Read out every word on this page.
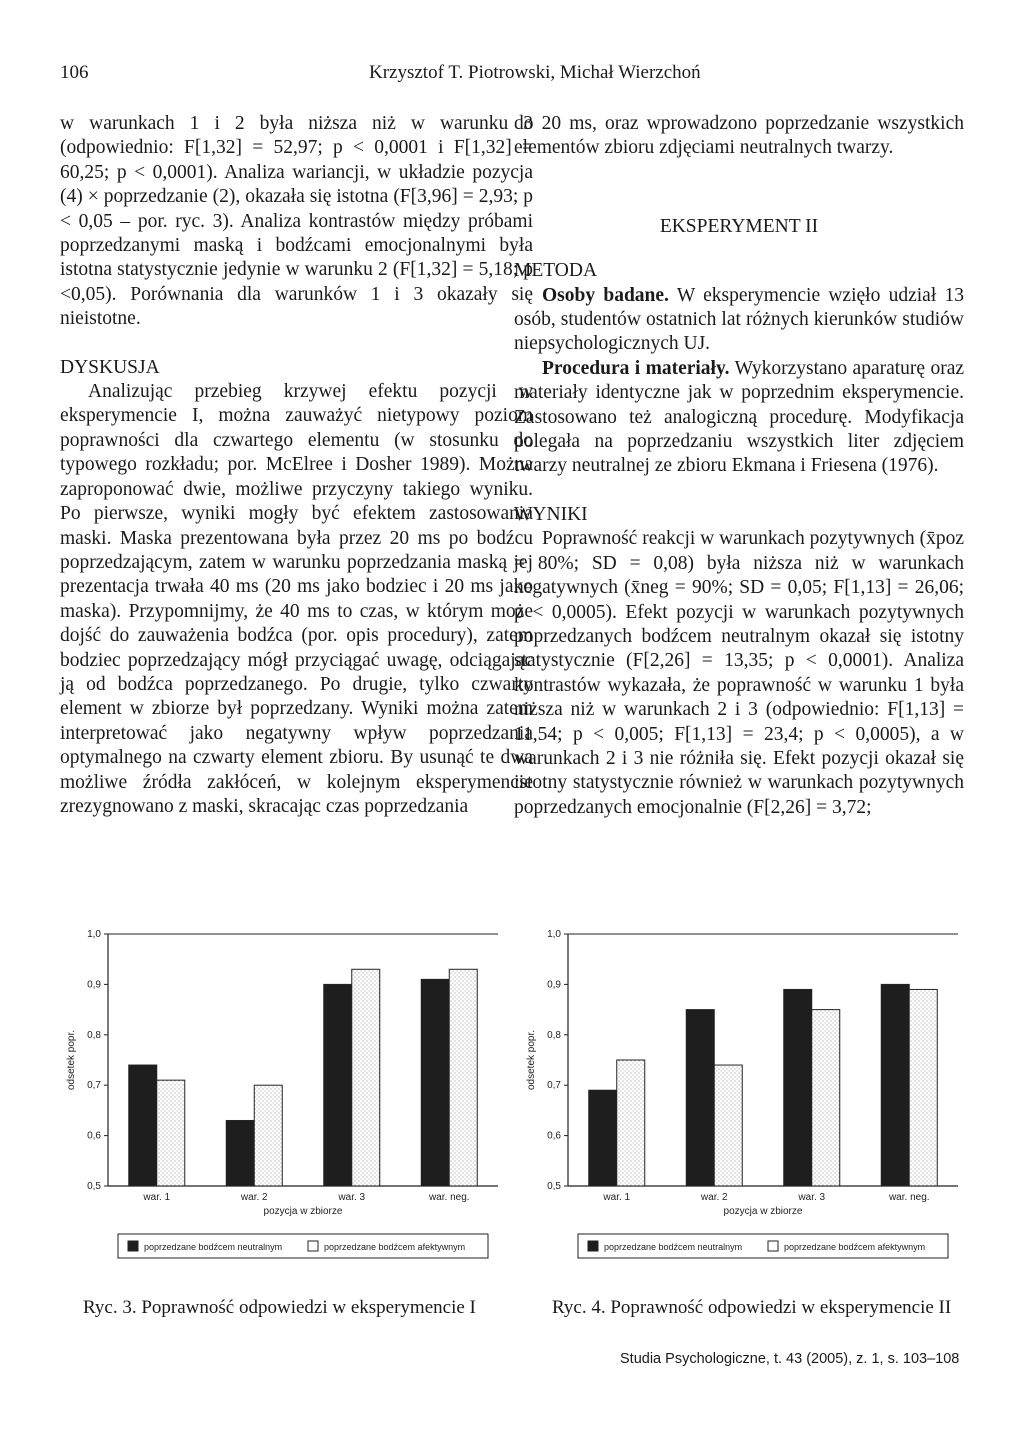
106	Krzysztof T. Piotrowski, Michał Wierzchoń

w warunkach 1 i 2 była niższa niż w warunku 3 (odpowiednio: F[1,32] = 52,97; p < 0,0001 i F[1,32] = 60,25; p < 0,0001). Analiza wariancji, w układzie pozycja (4) × poprzedzanie (2), okazała się istotna (F[3,96] = 2,93; p < 0,05 – por. ryc. 3). Analiza kontrastów między próbami poprzedzanymi maską i bodźcami emocjonalnymi była istotna statystycznie jedynie w warunku 2 (F[1,32] = 5,18; p <0,05). Porównania dla warunków 1 i 3 okazały się nieistotne.

DYSKUSJA

Analizując przebieg krzywej efektu pozycji w eksperymencie I, można zauważyć nietypowy poziom poprawności dla czwartego elementu (w stosunku do typowego rozkładu; por. McElree i Dosher 1989). Można zaproponować dwie, możliwe przyczyny takiego wyniku. Po pierwsze, wyniki mogły być efektem zastosowania maski. Maska prezentowana była przez 20 ms po bodźcu poprzedzającym, zatem w warunku poprzedzania maską jej prezentacja trwała 40 ms (20 ms jako bodziec i 20 ms jako maska). Przypomnijmy, że 40 ms to czas, w którym może dojść do zauważenia bodźca (por. opis procedury), zatem bodziec poprzedzający mógł przyciągać uwagę, odciągając ją od bodźca poprzedzanego. Po drugie, tylko czwarty element w zbiorze był poprzedzany. Wyniki można zatem interpretować jako negatywny wpływ poprzedzania optymalnego na czwarty element zbioru. By usunąć te dwa możliwe źródła zakłóceń, w kolejnym eksperymencie zrezygnowano z maski, skracając czas poprzedzania

do 20 ms, oraz wprowadzono poprzedzanie wszystkich elementów zbioru zdjęciami neutralnych twarzy.

EKSPERYMENT II

METODA

Osoby badane. W eksperymencie wzięło udział 13 osób, studentów ostatnich lat różnych kierunków studiów niepsychologicznych UJ.

Procedura i materiały. Wykorzystano aparaturę oraz materiały identyczne jak w poprzednim eksperymencie. Zastosowano też analogiczną procedurę. Modyfikacja polegała na poprzedzaniu wszystkich liter zdjęciem twarzy neutralnej ze zbioru Ekmana i Friesena (1976).

WYNIKI

Poprawność reakcji w warunkach pozytywnych (x̄poz = 80%; SD = 0,08) była niższa niż w warunkach negatywnych (x̄neg = 90%; SD = 0,05; F[1,13] = 26,06; p < 0,0005). Efekt pozycji w warunkach pozytywnych poprzedzanych bodźcem neutralnym okazał się istotny statystycznie (F[2,26] = 13,35; p < 0,0001). Analiza kontrastów wykazała, że poprawność w warunku 1 była niższa niż w warunkach 2 i 3 (odpowiednio: F[1,13] = 11,54; p < 0,005; F[1,13] = 23,4; p < 0,0005), a w warunkach 2 i 3 nie różniła się. Efekt pozycji okazał się istotny statystycznie również w warunkach pozytywnych poprzedzanych emocjonalnie (F[2,26] = 3,72;

1,0
0,9
0,8
0,7
0,6
0,5
odsetek popr.
war. 1	war. 2	war. 3	war. neg.
pozycja w zbiorze
poprzedzane bodźcem neutralnym	poprzedzane bodźcem afektywnym
1,0
0,9
0,8
0,7
0,6
0,5
odsetek popr.
war. 1	war. 2	war. 3	war. neg.
pozycja w zbiorze
poprzedzane bodźcem neutralnym	poprzedzane bodźcem afektywnym
Ryc. 3. Poprawność odpowiedzi w eksperymencie I	Ryc. 4. Poprawność odpowiedzi w eksperymencie II
Studia Psychologiczne, t. 43 (2005), z. 1, s. 103–108
